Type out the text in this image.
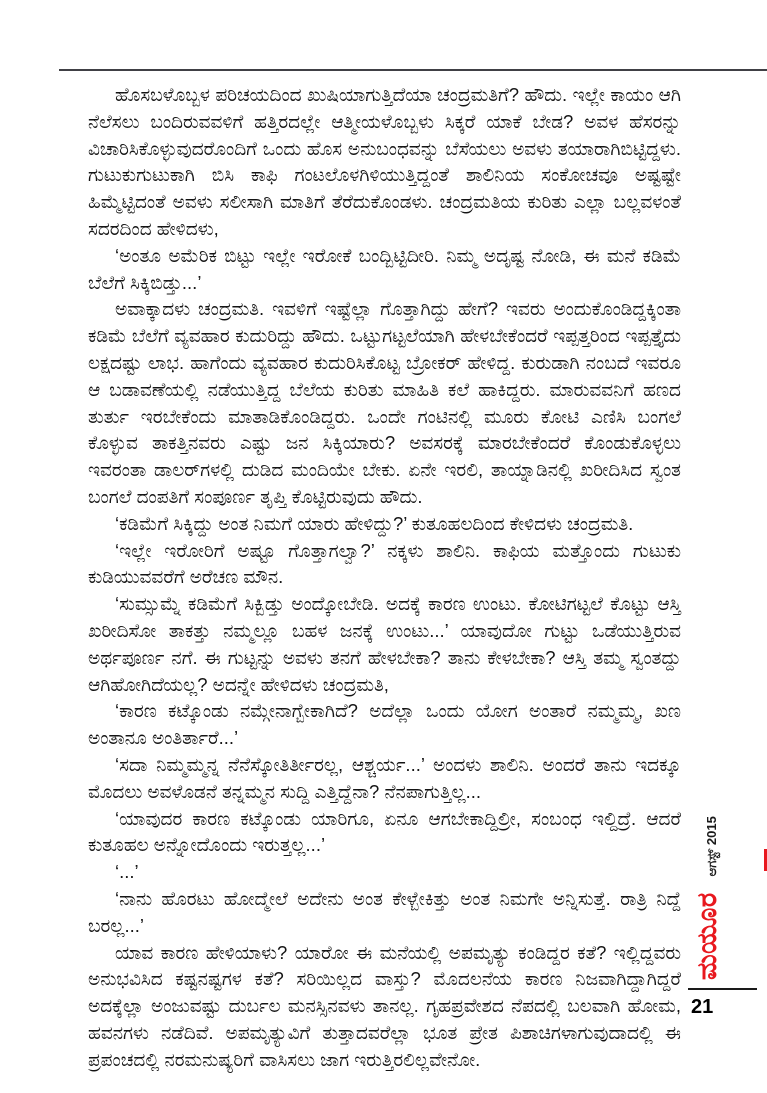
ಹೊಸಬಳೊಬ್ಬಳ ಪರಿಚಯದಿಂದ ಖುಷಿಯಾಗುತ್ತಿದೆಯಾ ಚಂದ್ರಮತಿಗೆ? ಹೌದು. ಇಲ್ಲೇ ಕಾಯಂ ಆಗಿ ನೆಲೆಸಲು ಬಂದಿರುವವಳಿಗೆ ಹತ್ತಿರದಲ್ಲೇ ಆತ್ಮೀಯಳೊಬ್ಬಳು ಸಿಕ್ಕರೆ ಯಾಕೆ ಬೇಡ? ಅವಳ ಹೆಸರನ್ನು ವಿಚಾರಿಸಿಕೊಳ್ಳುವುದರೊಂದಿಗೆ ಒಂದು ಹೊಸ ಅನುಬಂಧವನ್ನು ಬೆಸೆಯಲು ಅವಳು ತಯಾರಾಗಿಬಿಟ್ಟಿದ್ದಳು. ಗುಟುಕುಗುಟುಕಾಗಿ ಬಿಸಿ ಕಾಫಿ ಗಂಟಲೊಳಗಿಳಿಯುತ್ತಿದ್ದಂತೆ ಶಾಲಿನಿಯ ಸಂಕೋಚವೂ ಅಷ್ಟಷ್ಟೇ ಹಿಮ್ಮೆಟ್ಟಿದಂತೆ ಅವಳು ಸಲೀಸಾಗಿ ಮಾತಿಗೆ ತೆರೆದುಕೊಂಡಳು. ಚಂದ್ರಮತಿಯ ಕುರಿತು ಎಲ್ಲಾ ಬಲ್ಲವಳಂತೆ ಸದರದಿಂದ ಹೇಳಿದಳು,

‘ಅಂತೂ ಅಮೆರಿಕ ಬಿಟ್ಟು ಇಲ್ಲೇ ಇರೋಕೆ ಬಂದ್ಬಿಟ್ಟಿದೀರಿ. ನಿಮ್ಮ ಅದೃಷ್ಟ ನೋಡಿ, ಈ ಮನೆ ಕಡಿಮೆ ಬೆಲೆಗೆ ಸಿಕ್ಕಿಬಿಡ್ತು...’

ಅವಾಕ್ಕಾದಳು ಚಂದ್ರಮತಿ. ಇವಳಿಗೆ ಇಷ್ಟೆಲ್ಲಾ ಗೊತ್ತಾಗಿದ್ದು ಹೇಗೆ? ಇವರು ಅಂದುಕೊಂಡಿದ್ದಕ್ಕಿಂತಾ ಕಡಿಮೆ ಬೆಲೆಗೆ ವ್ಯವಹಾರ ಕುದುರಿದ್ದು ಹೌದು. ಒಟ್ಟುಗಟ್ಟಲೆಯಾಗಿ ಹೇಳಬೇಕೆಂದರೆ ಇಪ್ಪತ್ತರಿಂದ ಇಪ್ಪತ್ತೈದು ಲಕ್ಷದಷ್ಟು ಲಾಭ. ಹಾಗೆಂದು ವ್ಯವಹಾರ ಕುದುರಿಸಿಕೊಟ್ಟ ಬ್ರೋಕರ್ ಹೇಳಿದ್ದ. ಕುರುಡಾಗಿ ನಂಬದೆ ಇವರೂ ಆ ಬಡಾವಣೆಯಲ್ಲಿ ನಡೆಯುತ್ತಿದ್ದ ಬೆಲೆಯ ಕುರಿತು ಮಾಹಿತಿ ಕಲೆ ಹಾಕಿದ್ದರು. ಮಾರುವವನಿಗೆ ಹಣದ ತುರ್ತು ಇರಬೇಕೆಂದು ಮಾತಾಡಿಕೊಂಡಿದ್ದರು. ಒಂದೇ ಗಂಟಿನಲ್ಲಿ ಮೂರು ಕೋಟಿ ಎಣಿಸಿ ಬಂಗಲೆ ಕೊಳ್ಳುವ ತಾಕತ್ತಿನವರು ಎಷ್ಟು ಜನ ಸಿಕ್ಕಿಯಾರು? ಅವಸರಕ್ಕೆ ಮಾರಬೇಕೆಂದರೆ ಕೊಂಡುಕೊಳ್ಳಲು ಇವರಂತಾ ಡಾಲರ್‌ಗಳಲ್ಲಿ ದುಡಿದ ಮಂದಿಯೇ ಬೇಕು. ಏನೇ ಇರಲಿ, ತಾಯ್ನಾಡಿನಲ್ಲಿ ಖರೀದಿಸಿದ ಸ್ವಂತ ಬಂಗಲೆ ದಂಪತಿಗೆ ಸಂಪೂರ್ಣ ತೃಪ್ತಿ ಕೊಟ್ಟಿರುವುದು ಹೌದು.

‘ಕಡಿಮೆಗೆ ಸಿಕ್ಕಿದ್ದು ಅಂತ ನಿಮಗೆ ಯಾರು ಹೇಳಿದ್ದು?’ ಕುತೂಹಲದಿಂದ ಕೇಳಿದಳು ಚಂದ್ರಮತಿ.

‘ಇಲ್ಲೇ ಇರೋರಿಗೆ ಅಷ್ಟೂ ಗೊತ್ತಾಗಲ್ವಾ?’ ನಕ್ಕಳು ಶಾಲಿನಿ. ಕಾಫಿಯ ಮತ್ತೊಂದು ಗುಟುಕು ಕುಡಿಯುವವರೆಗೆ ಅರೆಚಣ ಮೌನ.

‘ಸುಮ್ಸುಮ್ನೆ ಕಡಿಮೆಗೆ ಸಿಕ್ಬಿಡ್ತು ಅಂದ್ಕೋಬೇಡಿ. ಅದಕ್ಕೆ ಕಾರಣ ಉಂಟು. ಕೋಟಿಗಟ್ಟಲೆ ಕೊಟ್ಟು ಆಸ್ತಿ ಖರೀದಿಸೋ ತಾಕತ್ತು ನಮ್ಮಲ್ಲೂ ಬಹಳ ಜನಕ್ಕೆ ಉಂಟು...’ ಯಾವುದೋ ಗುಟ್ಟು ಒಡೆಯುತ್ತಿರುವ ಅರ್ಥಪೂರ್ಣ ನಗೆ. ಈ ಗುಟ್ಟನ್ನು ಅವಳು ತನಗೆ ಹೇಳಬೇಕಾ? ತಾನು ಕೇಳಬೇಕಾ? ಆಸ್ತಿ ತಮ್ಮ ಸ್ವಂತದ್ದು ಆಗಿಹೋಗಿದೆಯಲ್ಲ? ಅದನ್ನೇ ಹೇಳಿದಳು ಚಂದ್ರಮತಿ,

‘ಕಾರಣ ಕಟ್ಕೊಂಡು ನಮ್ಗೇನಾಗ್ಬೇಕಾಗಿದೆ? ಅದೆಲ್ಲಾ ಒಂದು ಯೋಗ ಅಂತಾರೆ ನಮ್ಮಮ್ಮ, ಖಣ ಅಂತಾನೂ ಅಂತಿರ್ತಾರೆ...’

‘ಸದಾ ನಿಮ್ಮಮ್ಮನ್ನ ನೆನೆಸ್ಕೋತಿರ್ತೀರಲ್ಲ, ಆಶ್ಚರ್ಯ...’ ಅಂದಳು ಶಾಲಿನಿ. ಅಂದರೆ ತಾನು ಇದಕ್ಕೂ ಮೊದಲು ಅವಳೊಡನೆ ತನ್ನಮ್ಮನ ಸುದ್ದಿ ಎತ್ತಿದ್ದೆನಾ? ನೆನಪಾಗುತ್ತಿಲ್ಲ...

‘ಯಾವುದರ ಕಾರಣ ಕಟ್ಕೊಂಡು ಯಾರಿಗೂ, ಏನೂ ಆಗಬೇಕಾದ್ದಿಲ್ರೀ, ಸಂಬಂಧ ಇಲ್ದಿದ್ರೆ. ಆದರೆ ಕುತೂಹಲ ಅನ್ನೋದೊಂದು ಇರುತ್ತಲ್ಲ...’

‘...’

‘ನಾನು ಹೊರಟು ಹೋದ್ಮೇಲೆ ಅದೇನು ಅಂತ ಕೇಳ್ಬೇಕಿತ್ತು ಅಂತ ನಿಮಗೇ ಅನ್ನಿಸುತ್ತೆ. ರಾತ್ರಿ ನಿದ್ದೆ ಬರಲ್ಲ...’

ಯಾವ ಕಾರಣ ಹೇಳಿಯಾಳು? ಯಾರೋ ಈ ಮನೆಯಲ್ಲಿ ಅಪಮೃತ್ಯು ಕಂಡಿದ್ದರ ಕತೆ? ಇಲ್ಲಿದ್ದವರು ಅನುಭವಿಸಿದ ಕಷ್ಟನಷ್ಟಗಳ ಕತೆ? ಸರಿಯಿಲ್ಲದ ವಾಸ್ತು? ಮೊದಲನೆಯ ಕಾರಣ ನಿಜವಾಗಿದ್ದಾಗಿದ್ದರೆ ಅದಕ್ಕೆಲ್ಲಾ ಅಂಜುವಷ್ಟು ದುರ್ಬಲ ಮನಸ್ಸಿನವಳು ತಾನಲ್ಲ. ಗೃಹಪ್ರವೇಶದ ನೆಪದಲ್ಲಿ ಬಲವಾಗಿ ಹೋಮ, ಹವನಗಳು ನಡೆದಿವೆ. ಅಪಮೃತ್ಯುವಿಗೆ ತುತ್ತಾದವರೆಲ್ಲಾ ಭೂತ ಪ್ರೇತ ಪಿಶಾಚಿಗಳಾಗುವುದಾದಲ್ಲಿ ಈ ಪ್ರಪಂಚದಲ್ಲಿ ನರಮನುಷ್ಯರಿಗೆ ವಾಸಿಸಲು ಜಾಗ ಇರುತ್ತಿರಲಿಲ್ಲವೇನೋ.

ಮಯೂರಆಗಸ್ಟ್ 2015
21
